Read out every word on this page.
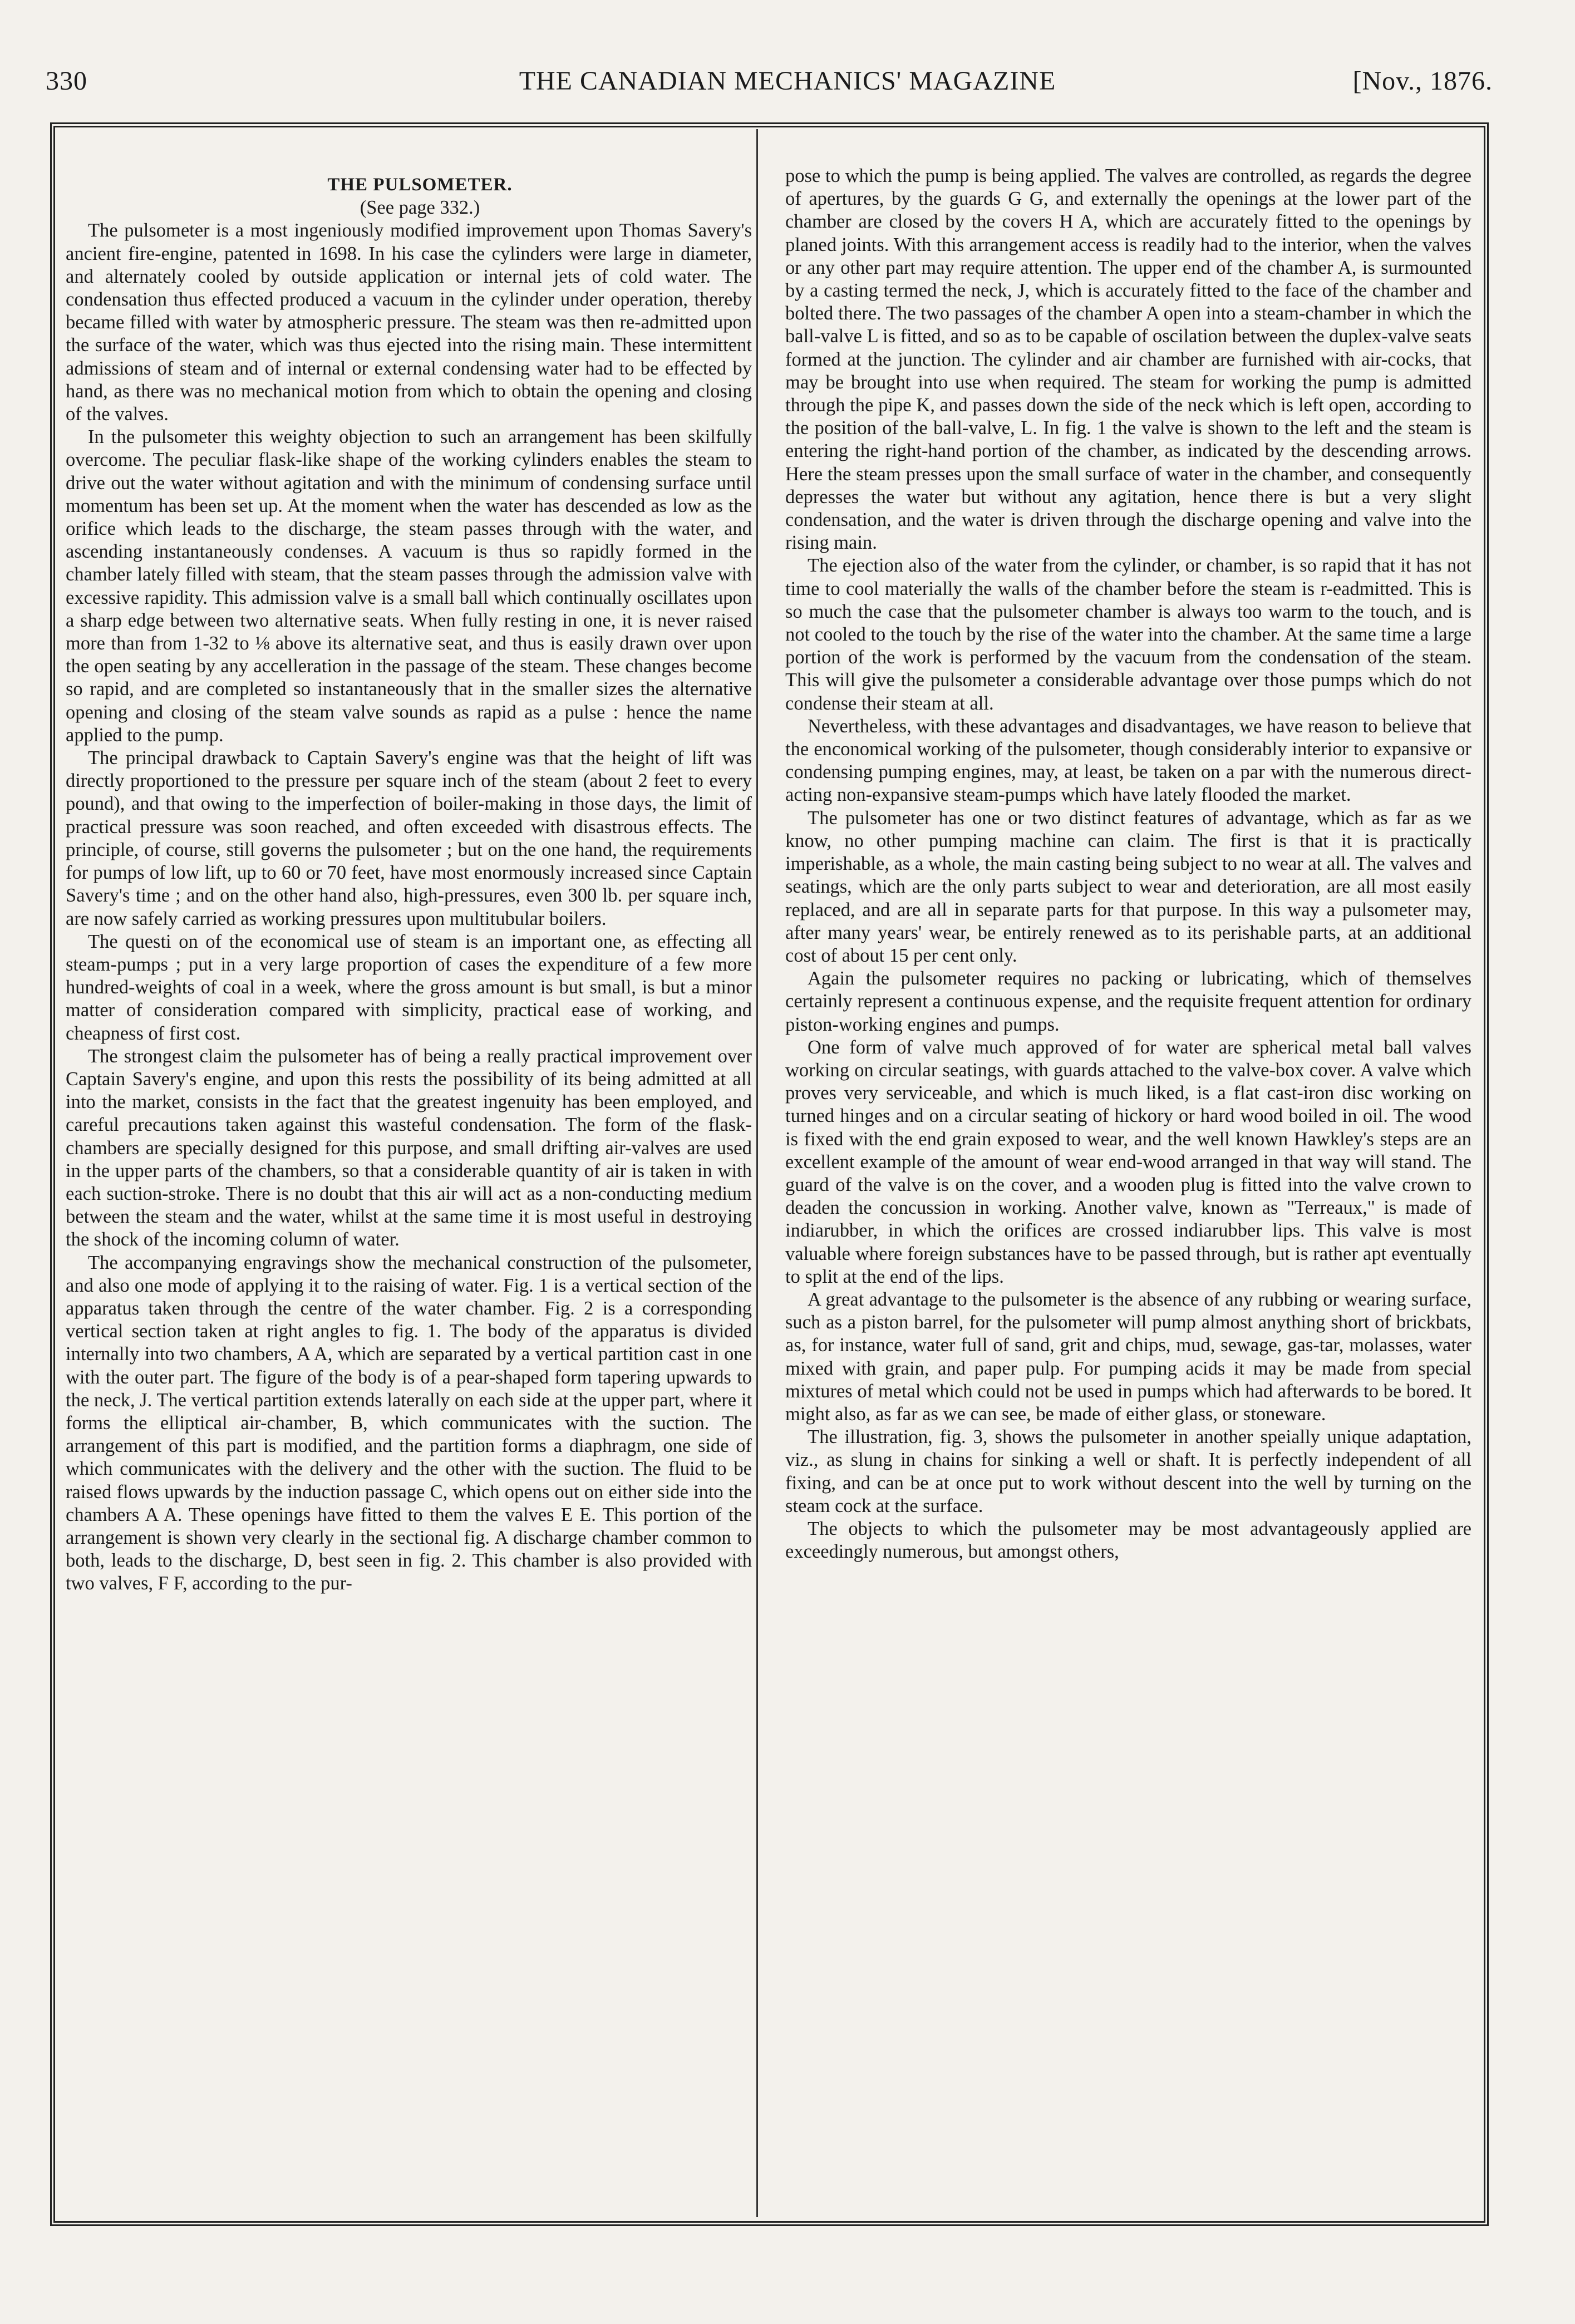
330	THE CANADIAN MECHANICS' MAGAZINE	[Nov., 1876.

THE PULSOMETER.

(See page 332.)

The pulsometer is a most ingeniously modified improvement upon Thomas Savery's ancient fire-engine, patented in 1698. In his case the cylinders were large in diameter, and alternately cooled by outside application or internal jets of cold water. The condensation thus effected produced a vacuum in the cylinder under operation, thereby became filled with water by atmospheric pressure. The steam was then re-admitted upon the surface of the water, which was thus ejected into the rising main. These intermittent admissions of steam and of internal or external condensing water had to be effected by hand, as there was no mechanical motion from which to obtain the opening and closing of the valves.

In the pulsometer this weighty objection to such an arrangement has been skilfully overcome. The peculiar flask-like shape of the working cylinders enables the steam to drive out the water without agitation and with the minimum of condensing surface until momentum has been set up. At the moment when the water has descended as low as the orifice which leads to the discharge, the steam passes through with the water, and ascending instantaneously condenses. A vacuum is thus so rapidly formed in the chamber lately filled with steam, that the steam passes through the admission valve with excessive rapidity. This admission valve is a small ball which continually oscillates upon a sharp edge between two alternative seats. When fully resting in one, it is never raised more than from 1-32 to ⅛ above its alternative seat, and thus is easily drawn over upon the open seating by any accelleration in the passage of the steam. These changes become so rapid, and are completed so instantaneously that in the smaller sizes the alternative opening and closing of the steam valve sounds as rapid as a pulse : hence the name applied to the pump.

The principal drawback to Captain Savery's engine was that the height of lift was directly proportioned to the pressure per square inch of the steam (about 2 feet to every pound), and that owing to the imperfection of boiler-making in those days, the limit of practical pressure was soon reached, and often exceeded with disastrous effects. The principle, of course, still governs the pulsometer ; but on the one hand, the requirements for pumps of low lift, up to 60 or 70 feet, have most enormously increased since Captain Savery's time ; and on the other hand also, high-pressures, even 300 lb. per square inch, are now safely carried as working pressures upon multitubular boilers.

The questi on of the economical use of steam is an important one, as effecting all steam-pumps ; put in a very large proportion of cases the expenditure of a few more hundred-weights of coal in a week, where the gross amount is but small, is but a minor matter of consideration compared with simplicity, practical ease of working, and cheapness of first cost.

The strongest claim the pulsometer has of being a really practical improvement over Captain Savery's engine, and upon this rests the possibility of its being admitted at all into the market, consists in the fact that the greatest ingenuity has been employed, and careful precautions taken against this wasteful condensation. The form of the flask-chambers are specially designed for this purpose, and small drifting air-valves are used in the upper parts of the chambers, so that a considerable quantity of air is taken in with each suction-stroke. There is no doubt that this air will act as a non-conducting medium between the steam and the water, whilst at the same time it is most useful in destroying the shock of the incoming column of water.

The accompanying engravings show the mechanical construction of the pulsometer, and also one mode of applying it to the raising of water. Fig. 1 is a vertical section of the apparatus taken through the centre of the water chamber. Fig. 2 is a corresponding vertical section taken at right angles to fig. 1. The body of the apparatus is divided internally into two chambers, A A, which are separated by a vertical partition cast in one with the outer part. The figure of the body is of a pear-shaped form tapering upwards to the neck, J. The vertical partition extends laterally on each side at the upper part, where it forms the elliptical air-chamber, B, which communicates with the suction. The arrangement of this part is modified, and the partition forms a diaphragm, one side of which communicates with the delivery and the other with the suction. The fluid to be raised flows upwards by the induction passage C, which opens out on either side into the chambers A A. These openings have fitted to them the valves E E. This portion of the arrangement is shown very clearly in the sectional fig. A discharge chamber common to both, leads to the discharge, D, best seen in fig. 2. This chamber is also provided with two valves, F F, according to the pur-

pose to which the pump is being applied. The valves are controlled, as regards the degree of apertures, by the guards G G, and externally the openings at the lower part of the chamber are closed by the covers H A, which are accurately fitted to the openings by planed joints. With this arrangement access is readily had to the interior, when the valves or any other part may require attention. The upper end of the chamber A, is surmounted by a casting termed the neck, J, which is accurately fitted to the face of the chamber and bolted there. The two passages of the chamber A open into a steam-chamber in which the ball-valve L is fitted, and so as to be capable of oscilation between the duplex-valve seats formed at the junction. The cylinder and air chamber are furnished with air-cocks, that may be brought into use when required. The steam for working the pump is admitted through the pipe K, and passes down the side of the neck which is left open, according to the position of the ball-valve, L. In fig. 1 the valve is shown to the left and the steam is entering the right-hand portion of the chamber, as indicated by the descending arrows. Here the steam presses upon the small surface of water in the chamber, and consequently depresses the water but without any agitation, hence there is but a very slight condensation, and the water is driven through the discharge opening and valve into the rising main.

The ejection also of the water from the cylinder, or chamber, is so rapid that it has not time to cool materially the walls of the chamber before the steam is r-eadmitted. This is so much the case that the pulsometer chamber is always too warm to the touch, and is not cooled to the touch by the rise of the water into the chamber. At the same time a large portion of the work is performed by the vacuum from the condensation of the steam. This will give the pulsometer a considerable advantage over those pumps which do not condense their steam at all.

Nevertheless, with these advantages and disadvantages, we have reason to believe that the enconomical working of the pulsometer, though considerably interior to expansive or condensing pumping engines, may, at least, be taken on a par with the numerous direct-acting non-expansive steam-pumps which have lately flooded the market.

The pulsometer has one or two distinct features of advantage, which as far as we know, no other pumping machine can claim. The first is that it is practically imperishable, as a whole, the main casting being subject to no wear at all. The valves and seatings, which are the only parts subject to wear and deterioration, are all most easily replaced, and are all in separate parts for that purpose. In this way a pulsometer may, after many years' wear, be entirely renewed as to its perishable parts, at an additional cost of about 15 per cent only.

Again the pulsometer requires no packing or lubricating, which of themselves certainly represent a continuous expense, and the requisite frequent attention for ordinary piston-working engines and pumps.

One form of valve much approved of for water are spherical metal ball valves working on circular seatings, with guards attached to the valve-box cover. A valve which proves very serviceable, and which is much liked, is a flat cast-iron disc working on turned hinges and on a circular seating of hickory or hard wood boiled in oil. The wood is fixed with the end grain exposed to wear, and the well known Hawkley's steps are an excellent example of the amount of wear end-wood arranged in that way will stand. The guard of the valve is on the cover, and a wooden plug is fitted into the valve crown to deaden the concussion in working. Another valve, known as "Terreaux," is made of indiarubber, in which the orifices are crossed indiarubber lips. This valve is most valuable where foreign substances have to be passed through, but is rather apt eventually to split at the end of the lips.

A great advantage to the pulsometer is the absence of any rubbing or wearing surface, such as a piston barrel, for the pulsometer will pump almost anything short of brickbats, as, for instance, water full of sand, grit and chips, mud, sewage, gas-tar, molasses, water mixed with grain, and paper pulp. For pumping acids it may be made from special mixtures of metal which could not be used in pumps which had afterwards to be bored. It might also, as far as we can see, be made of either glass, or stoneware.

The illustration, fig. 3, shows the pulsometer in another speially unique adaptation, viz., as slung in chains for sinking a well or shaft. It is perfectly independent of all fixing, and can be at once put to work without descent into the well by turning on the steam cock at the surface.

The objects to which the pulsometer may be most advantageously applied are exceedingly numerous, but amongst others,
